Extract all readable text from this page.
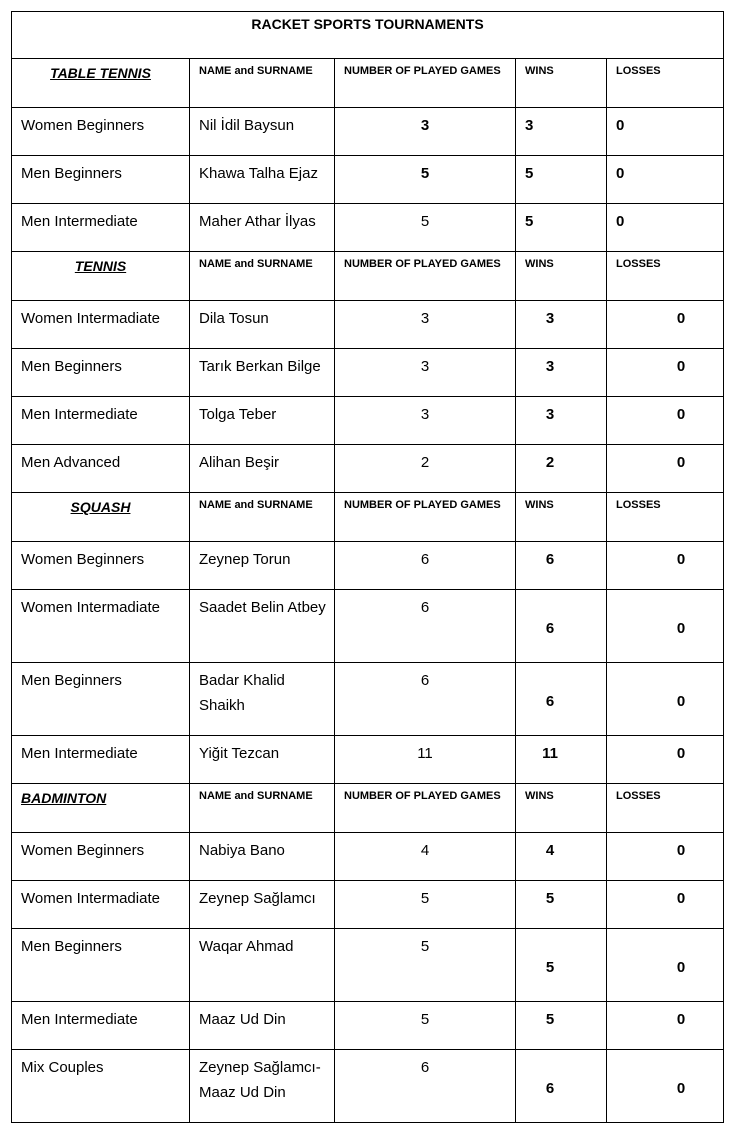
RACKET SPORTS TOURNAMENTS				
TABLE TENNIS	NAME and SURNAME	NUMBER OF PLAYED GAMES	WINS	LOSSES
Women Beginners	Nil İdil Baysun	3	3	0
Men Beginners	Khawa Talha Ejaz	5	5	0
Men Intermediate	Maher Athar İlyas	5	5	0
TENNIS	NAME and SURNAME	NUMBER OF PLAYED GAMES	WINS	LOSSES
Women Intermadiate	Dila Tosun	3	3	0
Men Beginners	Tarık Berkan Bilge	3	3	0
Men Intermediate	Tolga Teber	3	3	0
Men Advanced	Alihan Beşir	2	2	0
SQUASH	NAME and SURNAME	NUMBER OF PLAYED GAMES	WINS	LOSSES
Women Beginners	Zeynep Torun	6	6	0
Women Intermadiate	Saadet Belin Atbey	6	6	0
Men Beginners	Badar Khalid Shaikh	6	6	0
Men Intermediate	Yiğit Tezcan	11	11	0
BADMINTON	NAME and SURNAME	NUMBER OF PLAYED GAMES	WINS	LOSSES
Women Beginners	Nabiya Bano	4	4	0
Women Intermadiate	Zeynep Sağlamcı	5	5	0
Men Beginners	Waqar Ahmad	5	5	0
Men Intermediate	Maaz Ud Din	5	5	0
Mix Couples	Zeynep Sağlamcı-Maaz Ud Din	6	6	0
